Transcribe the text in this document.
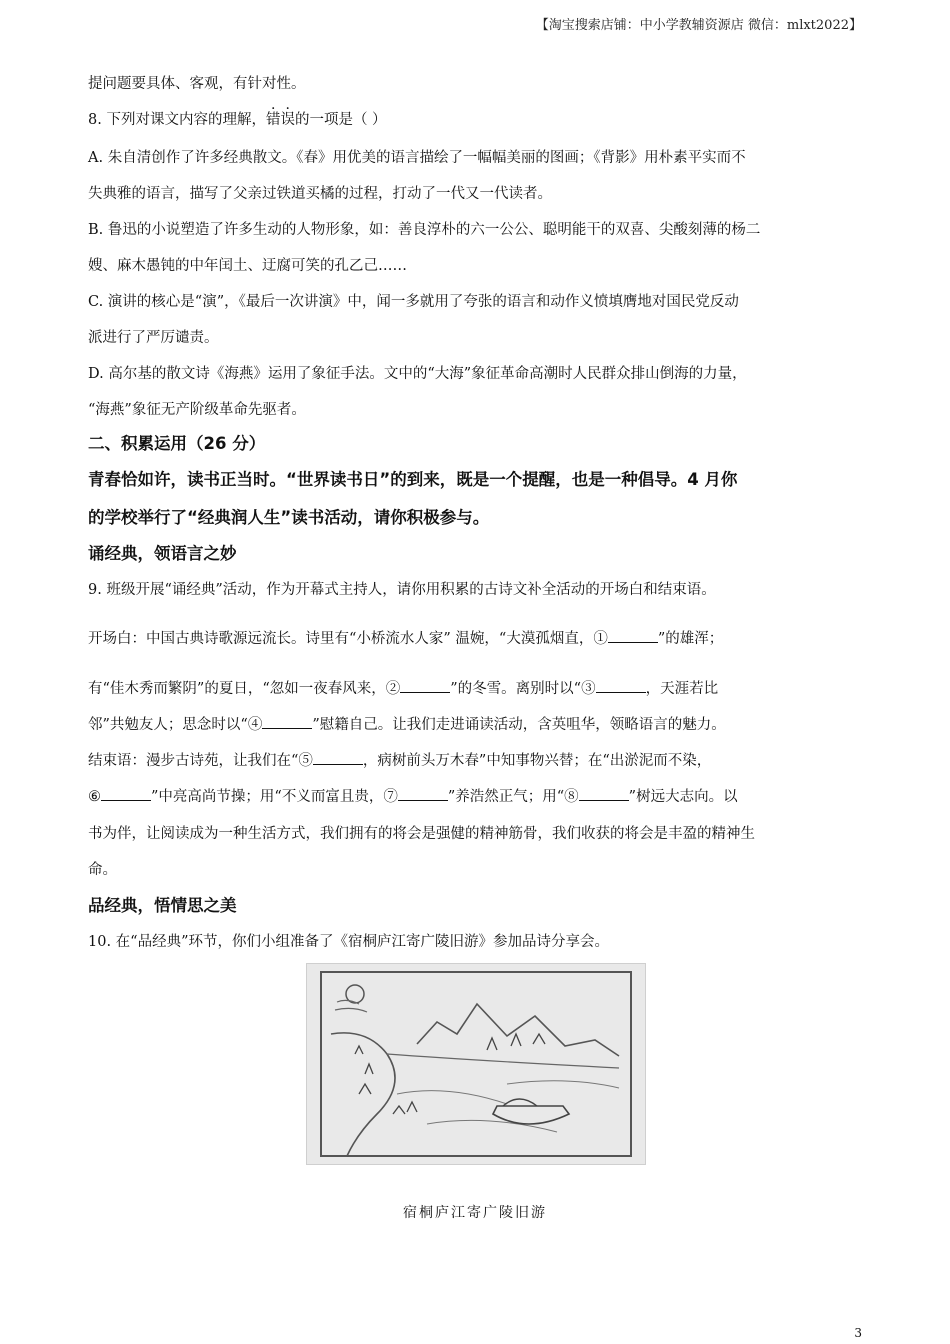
【淘宝搜索店铺：中小学教辅资源店 微信：mlxt2022】

提问题要具体、客观，有针对性。

8. 下列对课文内容的理解，错误的一项是（ ）

A. 朱自清创作了许多经典散文。《春》用优美的语言描绘了一幅幅美丽的图画；《背影》用朴素平实而不

失典雅的语言，描写了父亲过铁道买橘的过程，打动了一代又一代读者。

B. 鲁迅的小说塑造了许多生动的人物形象，如：善良淳朴的六一公公、聪明能干的双喜、尖酸刻薄的杨二

嫂、麻木愚钝的中年闰土、迂腐可笑的孔乙己……

C. 演讲的核心是“演”，《最后一次讲演》中，闻一多就用了夸张的语言和动作义愤填膺地对国民党反动

派进行了严厉谴责。

D. 高尔基的散文诗《海燕》运用了象征手法。文中的“大海”象征革命高潮时人民群众排山倒海的力量，

“海燕”象征无产阶级革命先驱者。

二、积累运用（26 分）

青春恰如许，读书正当时。“世界读书日”的到来，既是一个提醒，也是一种倡导。4 月你

的学校举行了“经典润人生”读书活动，请你积极参与。

诵经典，领语言之妙

9. 班级开展“诵经典”活动，作为开幕式主持人，请你用积累的古诗文补全活动的开场白和结束语。

开场白：中国古典诗歌源远流长。诗里有“小桥流水人家” 温婉，“大漠孤烟直，①	”的雄浑；

有“佳木秀而繁阴”的夏日，“忽如一夜春风来，②	”的冬雪。离别时以“③	，天涯若比

邻”共勉友人；思念时以“④	”慰籍自己。让我们走进诵读活动，含英咀华，领略语言的魅力。

结束语：漫步古诗苑，让我们在“⑤	，病树前头万木春”中知事物兴替；在“出淤泥而不染，

⑥	”中亮高尚节操；用“不义而富且贵，⑦	”养浩然正气；用“⑧	”树远大志向。以

书为伴，让阅读成为一种生活方式，我们拥有的将会是强健的精神筋骨，我们收获的将会是丰盈的精神生

命。

品经典，悟情思之美

10. 在“品经典”环节，你们小组准备了《宿桐庐江寄广陵旧游》参加品诗分享会。

宿桐庐江寄广陵旧游
3
